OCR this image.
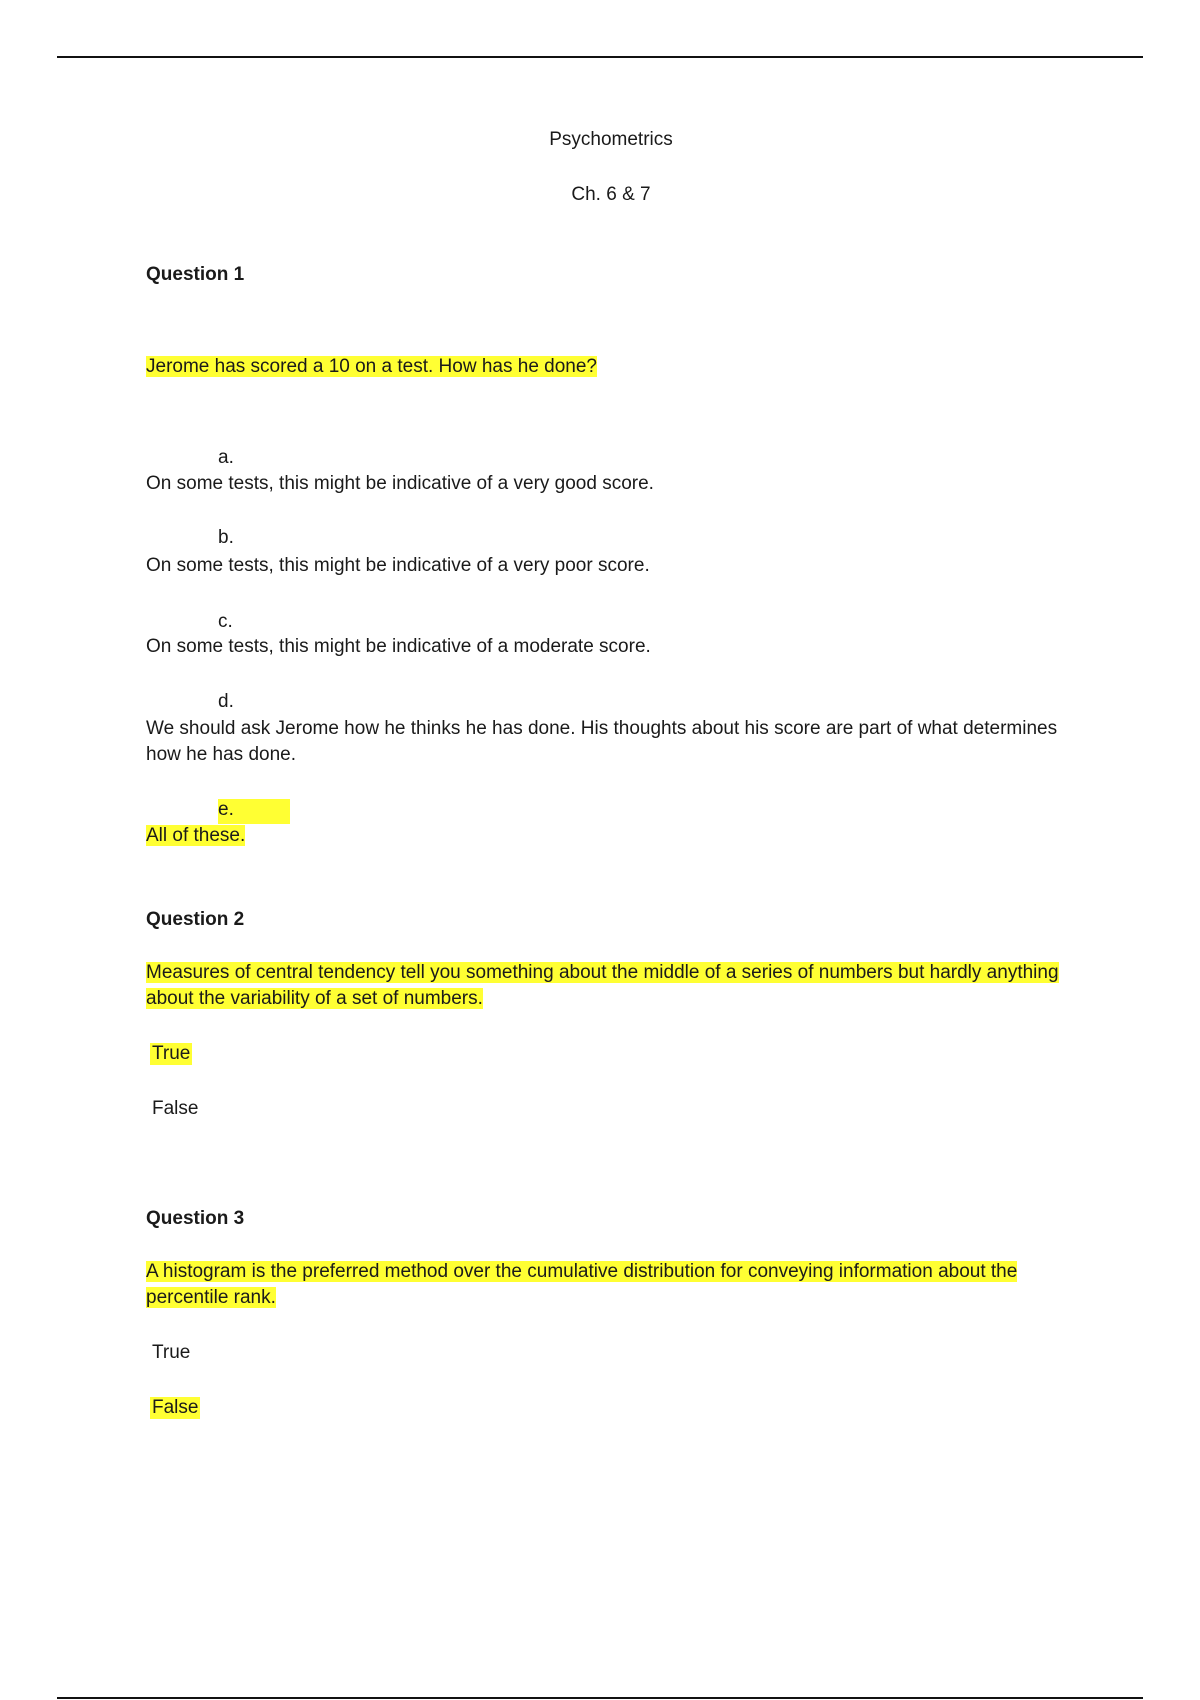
Psychometrics
Ch. 6 & 7
Question 1
Jerome has scored a 10 on a test. How has he done?
a.
On some tests, this might be indicative of a very good score.
b.
On some tests, this might be indicative of a very poor score.
c.
On some tests, this might be indicative of a moderate score.
d.
We should ask Jerome how he thinks he has done. His thoughts about his score are part of what determines how he has done.
e.
All of these.
Question 2
Measures of central tendency tell you something about the middle of a series of numbers but hardly anything about the variability of a set of numbers.
True
False
Question 3
A histogram is the preferred method over the cumulative distribution for conveying information about the percentile rank.
True
False
